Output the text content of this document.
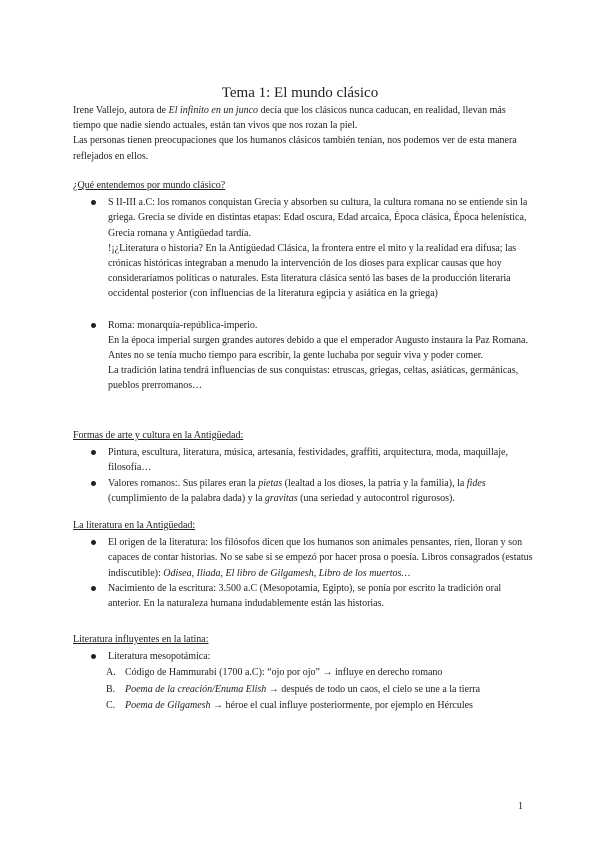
Tema 1: El mundo clásico

Irene Vallejo, autora de El infinito en un junco decía que los clásicos nunca caducan, en realidad, llevan más tiempo que nadie siendo actuales, están tan vivos que nos rozan la piel.

Las personas tienen preocupaciones que los humanos clásicos también tenían, nos podemos ver de esta manera reflejados en ellos.

¿Qué entendemos por mundo clásico?

S II-III a.C: los romanos conquistan Grecia y absorben su cultura, la cultura romana no se entiende sin la griega. Grecia se divide en distintas etapas: Edad oscura, Edad arcaica, Época clásica, Época helenística, Grecia romana y Antigüedad tardía.

!¡¿Literatura o historia? En la Antigüedad Clásica, la frontera entre el mito y la realidad era difusa; las crónicas históricas integraban a menudo la intervención de los dioses para explicar causas que hoy consideraríamos políticas o naturales. Esta literatura clásica sentó las bases de la producción literaria occidental posterior (con influencias de la literatura egipcia y asiática en la griega)

Roma: monarquía-república-imperio.

En la época imperial surgen grandes autores debido a que el emperador Augusto instaura la Paz Romana. Antes no se tenía mucho tiempo para escribir, la gente luchaba por seguir viva y poder comer.

La tradición latina tendrá influencias de sus conquistas: etruscas, griegas, celtas, asiáticas, germánicas, pueblos prerromanos…

Formas de arte y cultura en la Antigüedad:

Pintura, escultura, literatura, música, artesanía, festividades, graffiti, arquitectura, moda, maquillaje, filosofía…

Valores romanos:. Sus pilares eran la pietas (lealtad a los dioses, la patria y la familia), la fides (cumplimiento de la palabra dada) y la gravitas (una seriedad y autocontrol rigurosos).

La literatura en la Antigüedad:

El origen de la literatura: los filósofos dicen que los humanos son animales pensantes, ríen, lloran y son capaces de contar historias. No se sabe si se empezó por hacer prosa o poesía. Libros consagrados (estatus indiscutible): Odisea, Iliada, El libro de Gilgamesh, Libro de los muertos…

Nacimiento de la escritura: 3.500 a.C (Mesopotamia, Egipto), se ponía por escrito la tradición oral anterior. En la naturaleza humana indudablemente están las historias.

Literatura influyentes en la latina:

Literatura mesopotámica:

A. Código de Hammurabi (1700 a.C): “ojo por ojo” → influye en derecho romano

B. Poema de la creación/Enuma Elish → después de todo un caos, el cielo se une a la tierra

C. Poema de Gilgamesh → héroe el cual influye posteriormente, por ejemplo en Hércules

1
